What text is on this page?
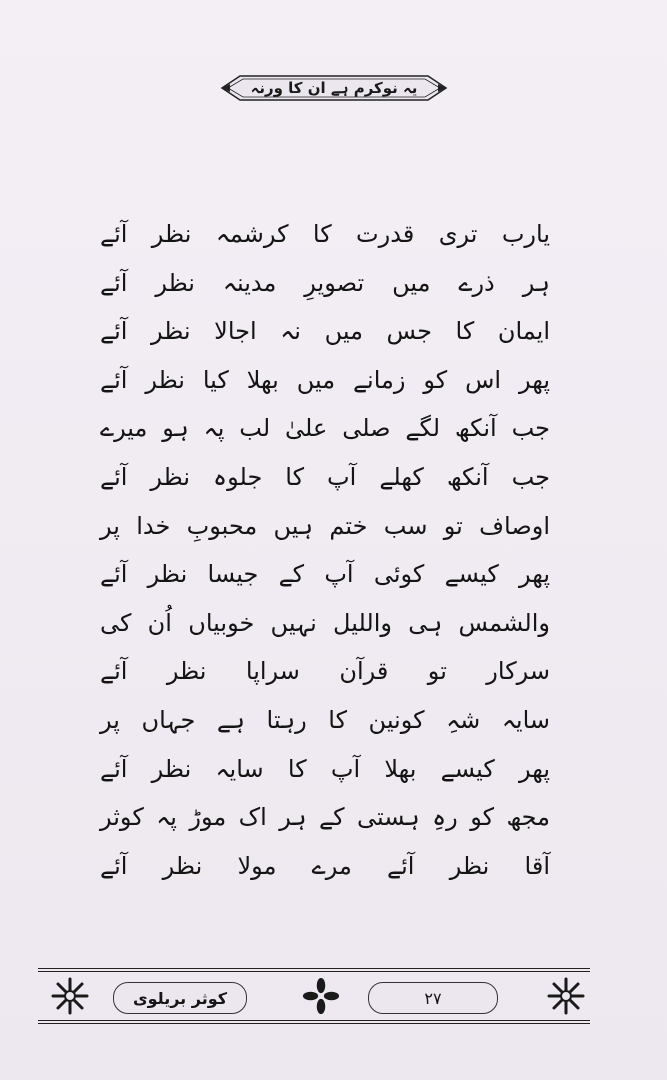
یہ نوکرم ہے ان کا ورنہ
یارب تری قدرت کا کرشمہ نظر آئے
ہر ذرے میں تصویرِ مدینہ نظر آئے
ایمان کا جس میں نہ اجالا نظر آئے
پھر اس کو زمانے میں بھلا کیا نظر آئے
جب آنکھ لگے صلی علیٰ لب پہ ہو میرے
جب آنکھ کھلے آپ کا جلوہ نظر آئے
اوصاف تو سب ختم ہیں محبوبِ خدا پر
پھر کیسے کوئی آپ کے جیسا نظر آئے
والشمس ہی واللیل نہیں خوبیاں اُن کی
سرکار تو قرآن سراپا نظر آئے
سایہ شہِ کونین کا رہتا ہے جہاں پر
پھر کیسے بھلا آپ کا سایہ نظر آئے
مجھ کو رہِ ہستی کے ہر اک موڑ پہ کوثر
آقا نظر آئے مرے مولا نظر آئے
کوثر بریلوی	۲۷
